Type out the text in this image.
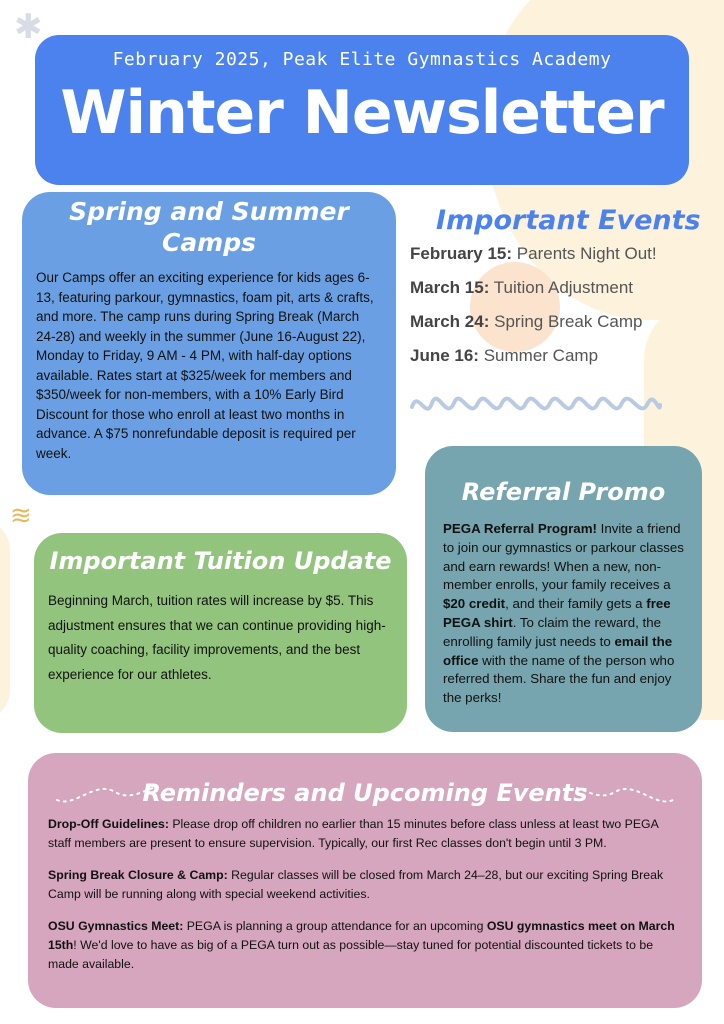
✱
≋
February 2025, Peak Elite Gymnastics Academy
Winter Newsletter
Spring and Summer Camps

Our Camps offer an exciting experience for kids ages 6-13, featuring parkour, gymnastics, foam pit, arts & crafts, and more. The camp runs during Spring Break (March 24-28) and weekly in the summer (June 16-August 22), Monday to Friday, 9 AM - 4 PM, with half-day options available. Rates start at $325/week for members and $350/week for non-members, with a 10% Early Bird Discount for those who enroll at least two months in advance. A $75 nonrefundable deposit is required per week.

Important Events
February 15: Parents Night Out!
March 15: Tuition Adjustment
March 24: Spring Break Camp
June 16: Summer Camp
Important Tuition Update

Beginning March, tuition rates will increase by $5. This adjustment ensures that we can continue providing high-quality coaching, facility improvements, and the best experience for our athletes.

Referral Promo

PEGA Referral Program! Invite a friend to join our gymnastics or parkour classes and earn rewards! When a new, non-member enrolls, your family receives a $20 credit, and their family gets a free PEGA shirt. To claim the reward, the enrolling family just needs to email the office with the name of the person who referred them. Share the fun and enjoy the perks!

Reminders and Upcoming Events

Drop-Off Guidelines: Please drop off children no earlier than 15 minutes before class unless at least two PEGA staff members are present to ensure supervision. Typically, our first Rec classes don't begin until 3 PM.

Spring Break Closure & Camp: Regular classes will be closed from March 24–28, but our exciting Spring Break Camp will be running along with special weekend activities.

OSU Gymnastics Meet: PEGA is planning a group attendance for an upcoming OSU gymnastics meet on March 15th! We'd love to have as big of a PEGA turn out as possible—stay tuned for potential discounted tickets to be made available.
